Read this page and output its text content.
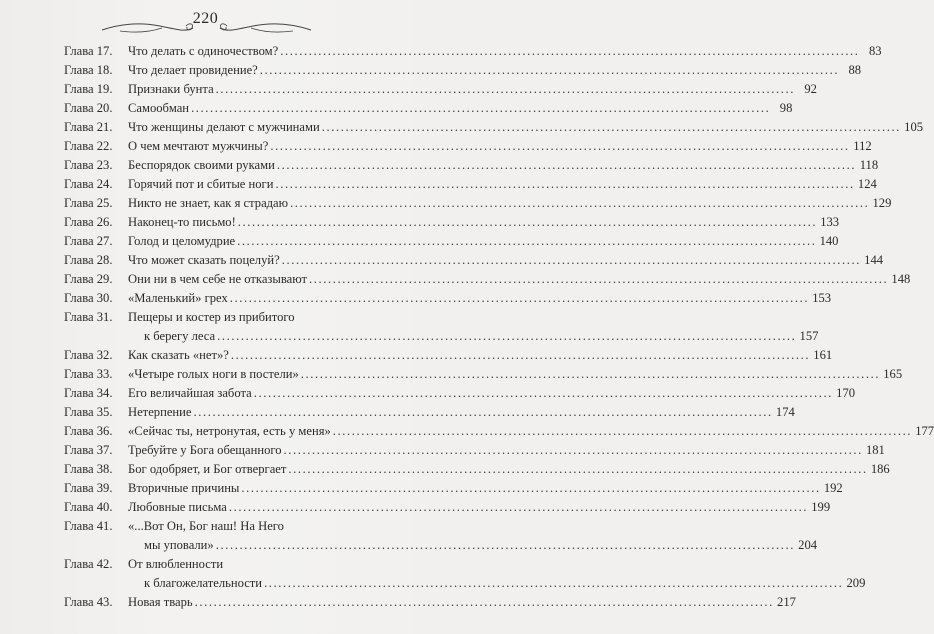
220
Глава 17. Что делать с одиночеством? .......................................................................................................................... 83
Глава 18. Что делает провидение? .......................................................................................................................... 88
Глава 19. Признаки бунта .......................................................................................................................... 92
Глава 20. Самообман .......................................................................................................................... 98
Глава 21. Что женщины делают с мужчинами .......................................................................................................................... 105
Глава 22. О чем мечтают мужчины? .......................................................................................................................... 112
Глава 23. Беспорядок своими руками .......................................................................................................................... 118
Глава 24. Горячий пот и сбитые ноги .......................................................................................................................... 124
Глава 25. Никто не знает, как я страдаю .......................................................................................................................... 129
Глава 26. Наконец-то письмо! .......................................................................................................................... 133
Глава 27. Голод и целомудрие .......................................................................................................................... 140
Глава 28. Что может сказать поцелуй? .......................................................................................................................... 144
Глава 29. Они ни в чем себе не отказывают .......................................................................................................................... 148
Глава 30. «Маленький» грех .......................................................................................................................... 153
Глава 31. Пещеры и костер из прибитого
к берегу леса .......................................................................................................................... 157
Глава 32. Как сказать «нет»? .......................................................................................................................... 161
Глава 33. «Четыре голых ноги в постели» .......................................................................................................................... 165
Глава 34. Его величайшая забота .......................................................................................................................... 170
Глава 35. Нетерпение .......................................................................................................................... 174
Глава 36. «Сейчас ты, нетронутая, есть у меня» .......................................................................................................................... 177
Глава 37. Требуйте у Бога обещанного .......................................................................................................................... 181
Глава 38. Бог одобряет, и Бог отвергает .......................................................................................................................... 186
Глава 39. Вторичные причины .......................................................................................................................... 192
Глава 40. Любовные письма .......................................................................................................................... 199
Глава 41. «...Вот Он, Бог наш! На Него
мы уповали» .......................................................................................................................... 204
Глава 42. От влюбленности
к благожелательности .......................................................................................................................... 209
Глава 43. Новая тварь .......................................................................................................................... 217
